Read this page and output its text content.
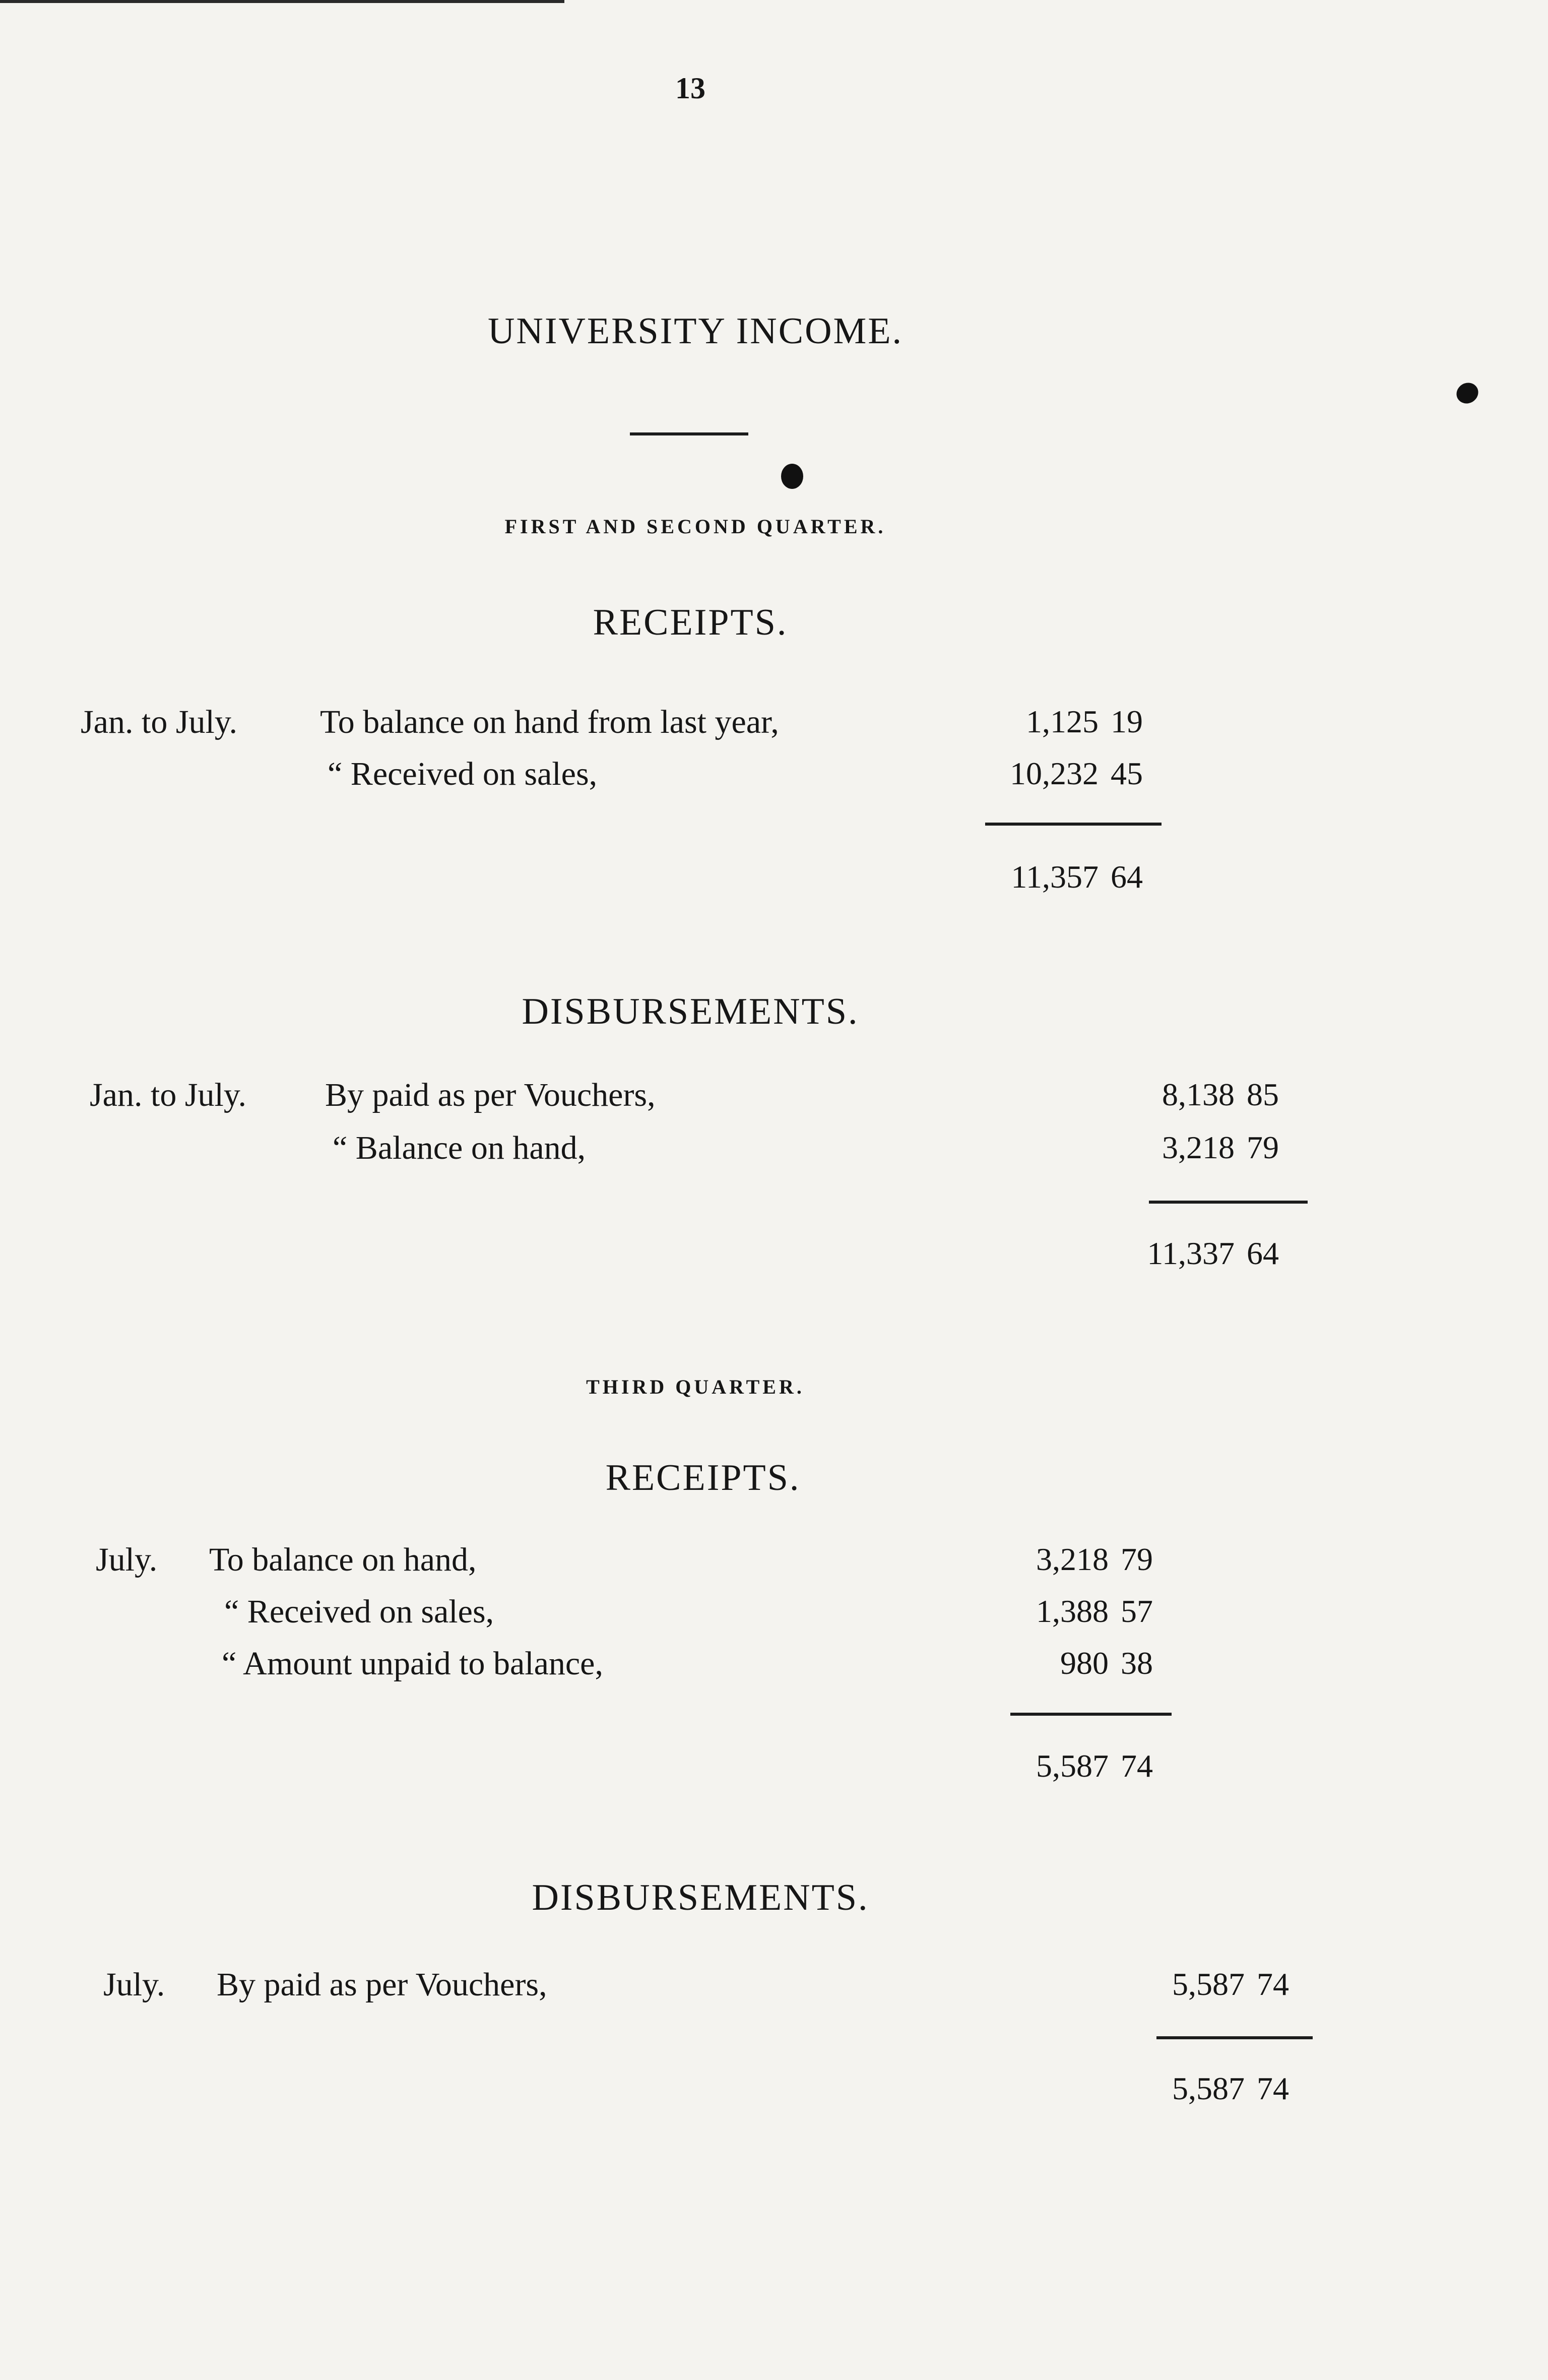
13
UNIVERSITY INCOME.
FIRST AND SECOND QUARTER.
RECEIPTS.
Jan. to July. To balance on hand from last year,	1,125 19
“ Received on sales,	10,232 45
11,357 64
DISBURSEMENTS.
Jan. to July. By paid as per Vouchers,	8,138 85
“ Balance on hand,	3,218 79
11,337 64
THIRD QUARTER.
RECEIPTS.
July. To balance on hand,	3,218 79
“ Received on sales,	1,388 57
“ Amount unpaid to balance,	980 38
5,587 74
DISBURSEMENTS.
July. By paid as per Vouchers,	5,587 74
5,587 74
